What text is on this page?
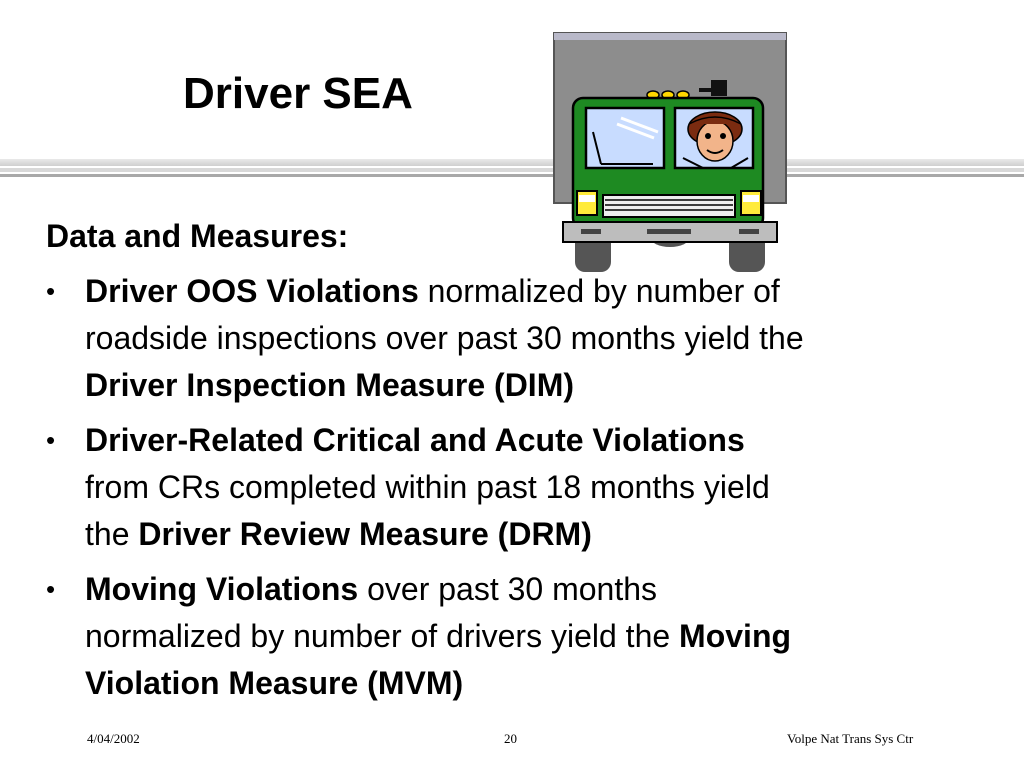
Driver SEA
Data and Measures:
• Driver OOS Violations normalized by number of
roadside inspections over past 30 months yield the
Driver Inspection Measure (DIM)
• Driver-Related Critical and Acute Violations
from CRs completed within past 18 months yield
the Driver Review Measure (DRM)
• Moving Violations over past 30 months
normalized by number of drivers yield the Moving
Violation Measure (MVM)
4/04/2002	20	Volpe Nat Trans Sys Ctr
